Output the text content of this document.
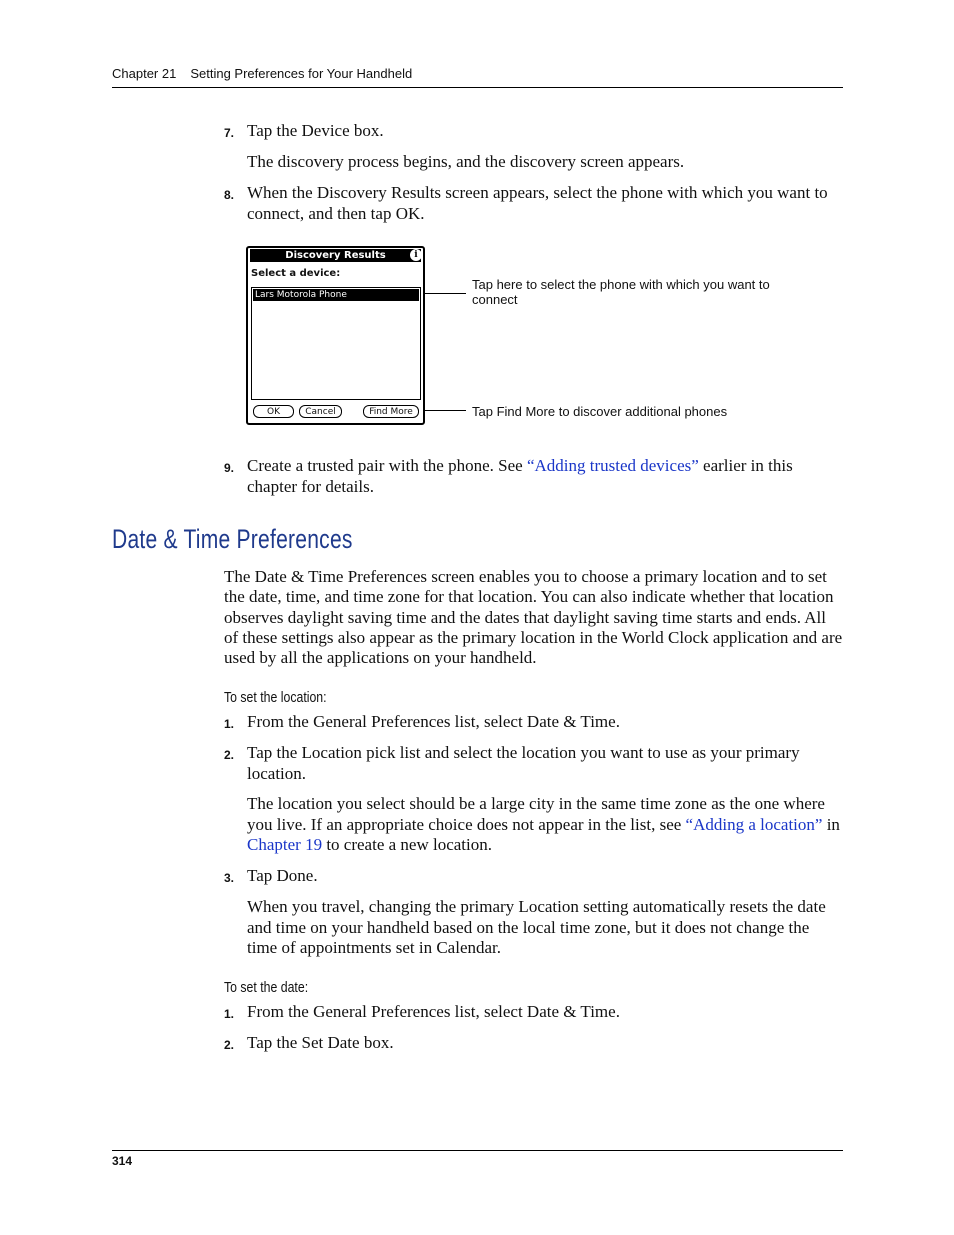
Chapter 21 Setting Preferences for Your Handheld
7. Tap the Device box.
The discovery process begins, and the discovery screen appears.
8. When the Discovery Results screen appears, select the phone with which you want to connect, and then tap OK.
Discovery Results	i
Select a device:
Lars Motorola Phone
OK	Cancel	Find More
Tap here to select the phone with which you want to connect
Tap Find More to discover additional phones
9. Create a trusted pair with the phone. See “Adding trusted devices” earlier in this chapter for details.
Date & Time Preferences
The Date & Time Preferences screen enables you to choose a primary location and to set the date, time, and time zone for that location. You can also indicate whether that location observes daylight saving time and the dates that daylight saving time starts and ends. All of these settings also appear as the primary location in the World Clock application and are used by all the applications on your handheld.
To set the location:
1. From the General Preferences list, select Date & Time.
2. Tap the Location pick list and select the location you want to use as your primary location.
The location you select should be a large city in the same time zone as the one where you live. If an appropriate choice does not appear in the list, see “Adding a location” in Chapter 19 to create a new location.
3. Tap Done.
When you travel, changing the primary Location setting automatically resets the date and time on your handheld based on the local time zone, but it does not change the time of appointments set in Calendar.
To set the date:
1. From the General Preferences list, select Date & Time.
2. Tap the Set Date box.
314
